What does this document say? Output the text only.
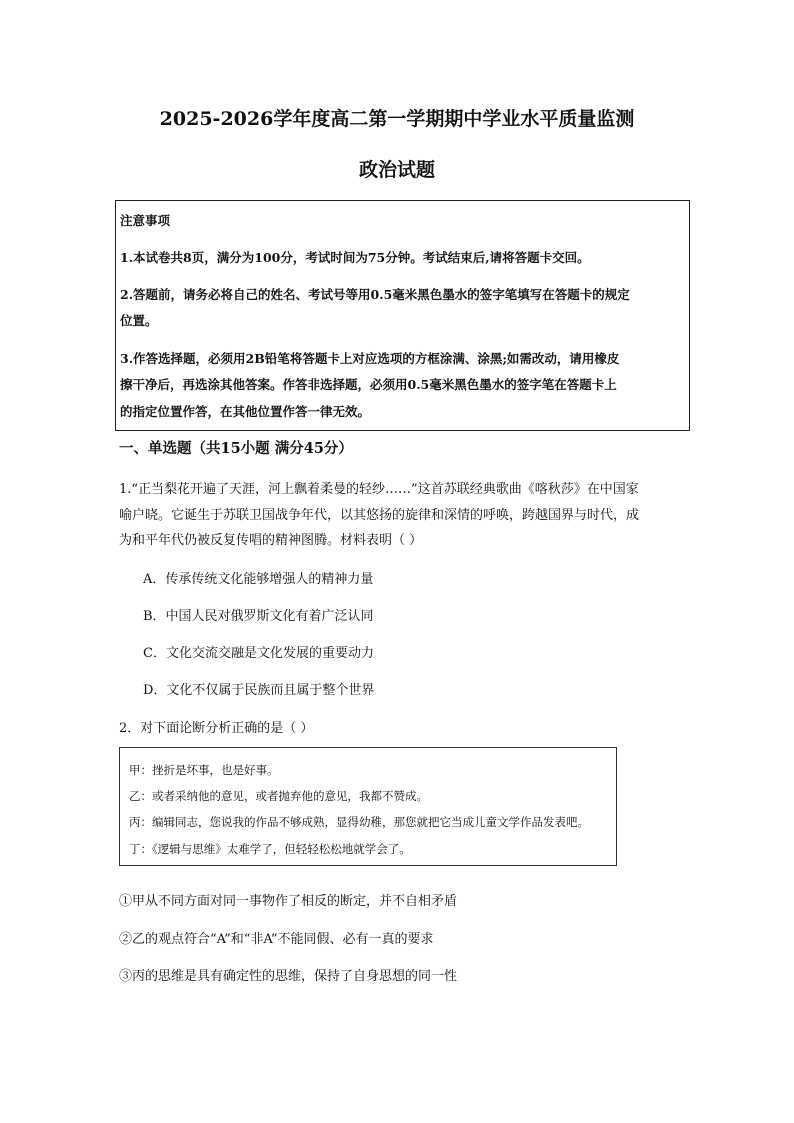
2025-2026学年度高二第一学期期中学业水平质量监测
政治试题
注意事项
1.本试卷共8页，满分为100分，考试时间为75分钟。考试结束后,请将答题卡交回。
2.答题前，请务必将自己的姓名、考试号等用0.5毫米黑色墨水的签字笔填写在答题卡的规定
位置。
3.作答选择题，必须用2B铅笔将答题卡上对应选项的方框涂满、涂黑;如需改动，请用橡皮
擦干净后，再选涂其他答案。作答非选择题，必须用0.5毫米黑色墨水的签字笔在答题卡上
的指定位置作答，在其他位置作答一律无效。
一、单选题（共15小题 满分45分）
1.“正当梨花开遍了天涯，河上飘着柔曼的轻纱……”这首苏联经典歌曲《喀秋莎》在中国家
喻户晓。它诞生于苏联卫国战争年代，以其悠扬的旋律和深情的呼唤，跨越国界与时代，成
为和平年代仍被反复传唱的精神图腾。材料表明（ ）
A．传承传统文化能够增强人的精神力量
B．中国人民对俄罗斯文化有着广泛认同
C．文化交流交融是文化发展的重要动力
D．文化不仅属于民族而且属于整个世界
2．对下面论断分析正确的是（ ）
甲：挫折是坏事，也是好事。
乙：或者采纳他的意见，或者抛弃他的意见，我都不赞成。
丙：编辑同志，您说我的作品不够成熟，显得幼稚，那您就把它当成儿童文学作品发表吧。
丁：《逻辑与思维》太难学了，但轻轻松松地就学会了。
①甲从不同方面对同一事物作了相反的断定，并不自相矛盾
②乙的观点符合“A”和“非A”不能同假、必有一真的要求
③丙的思维是具有确定性的思维，保持了自身思想的同一性
